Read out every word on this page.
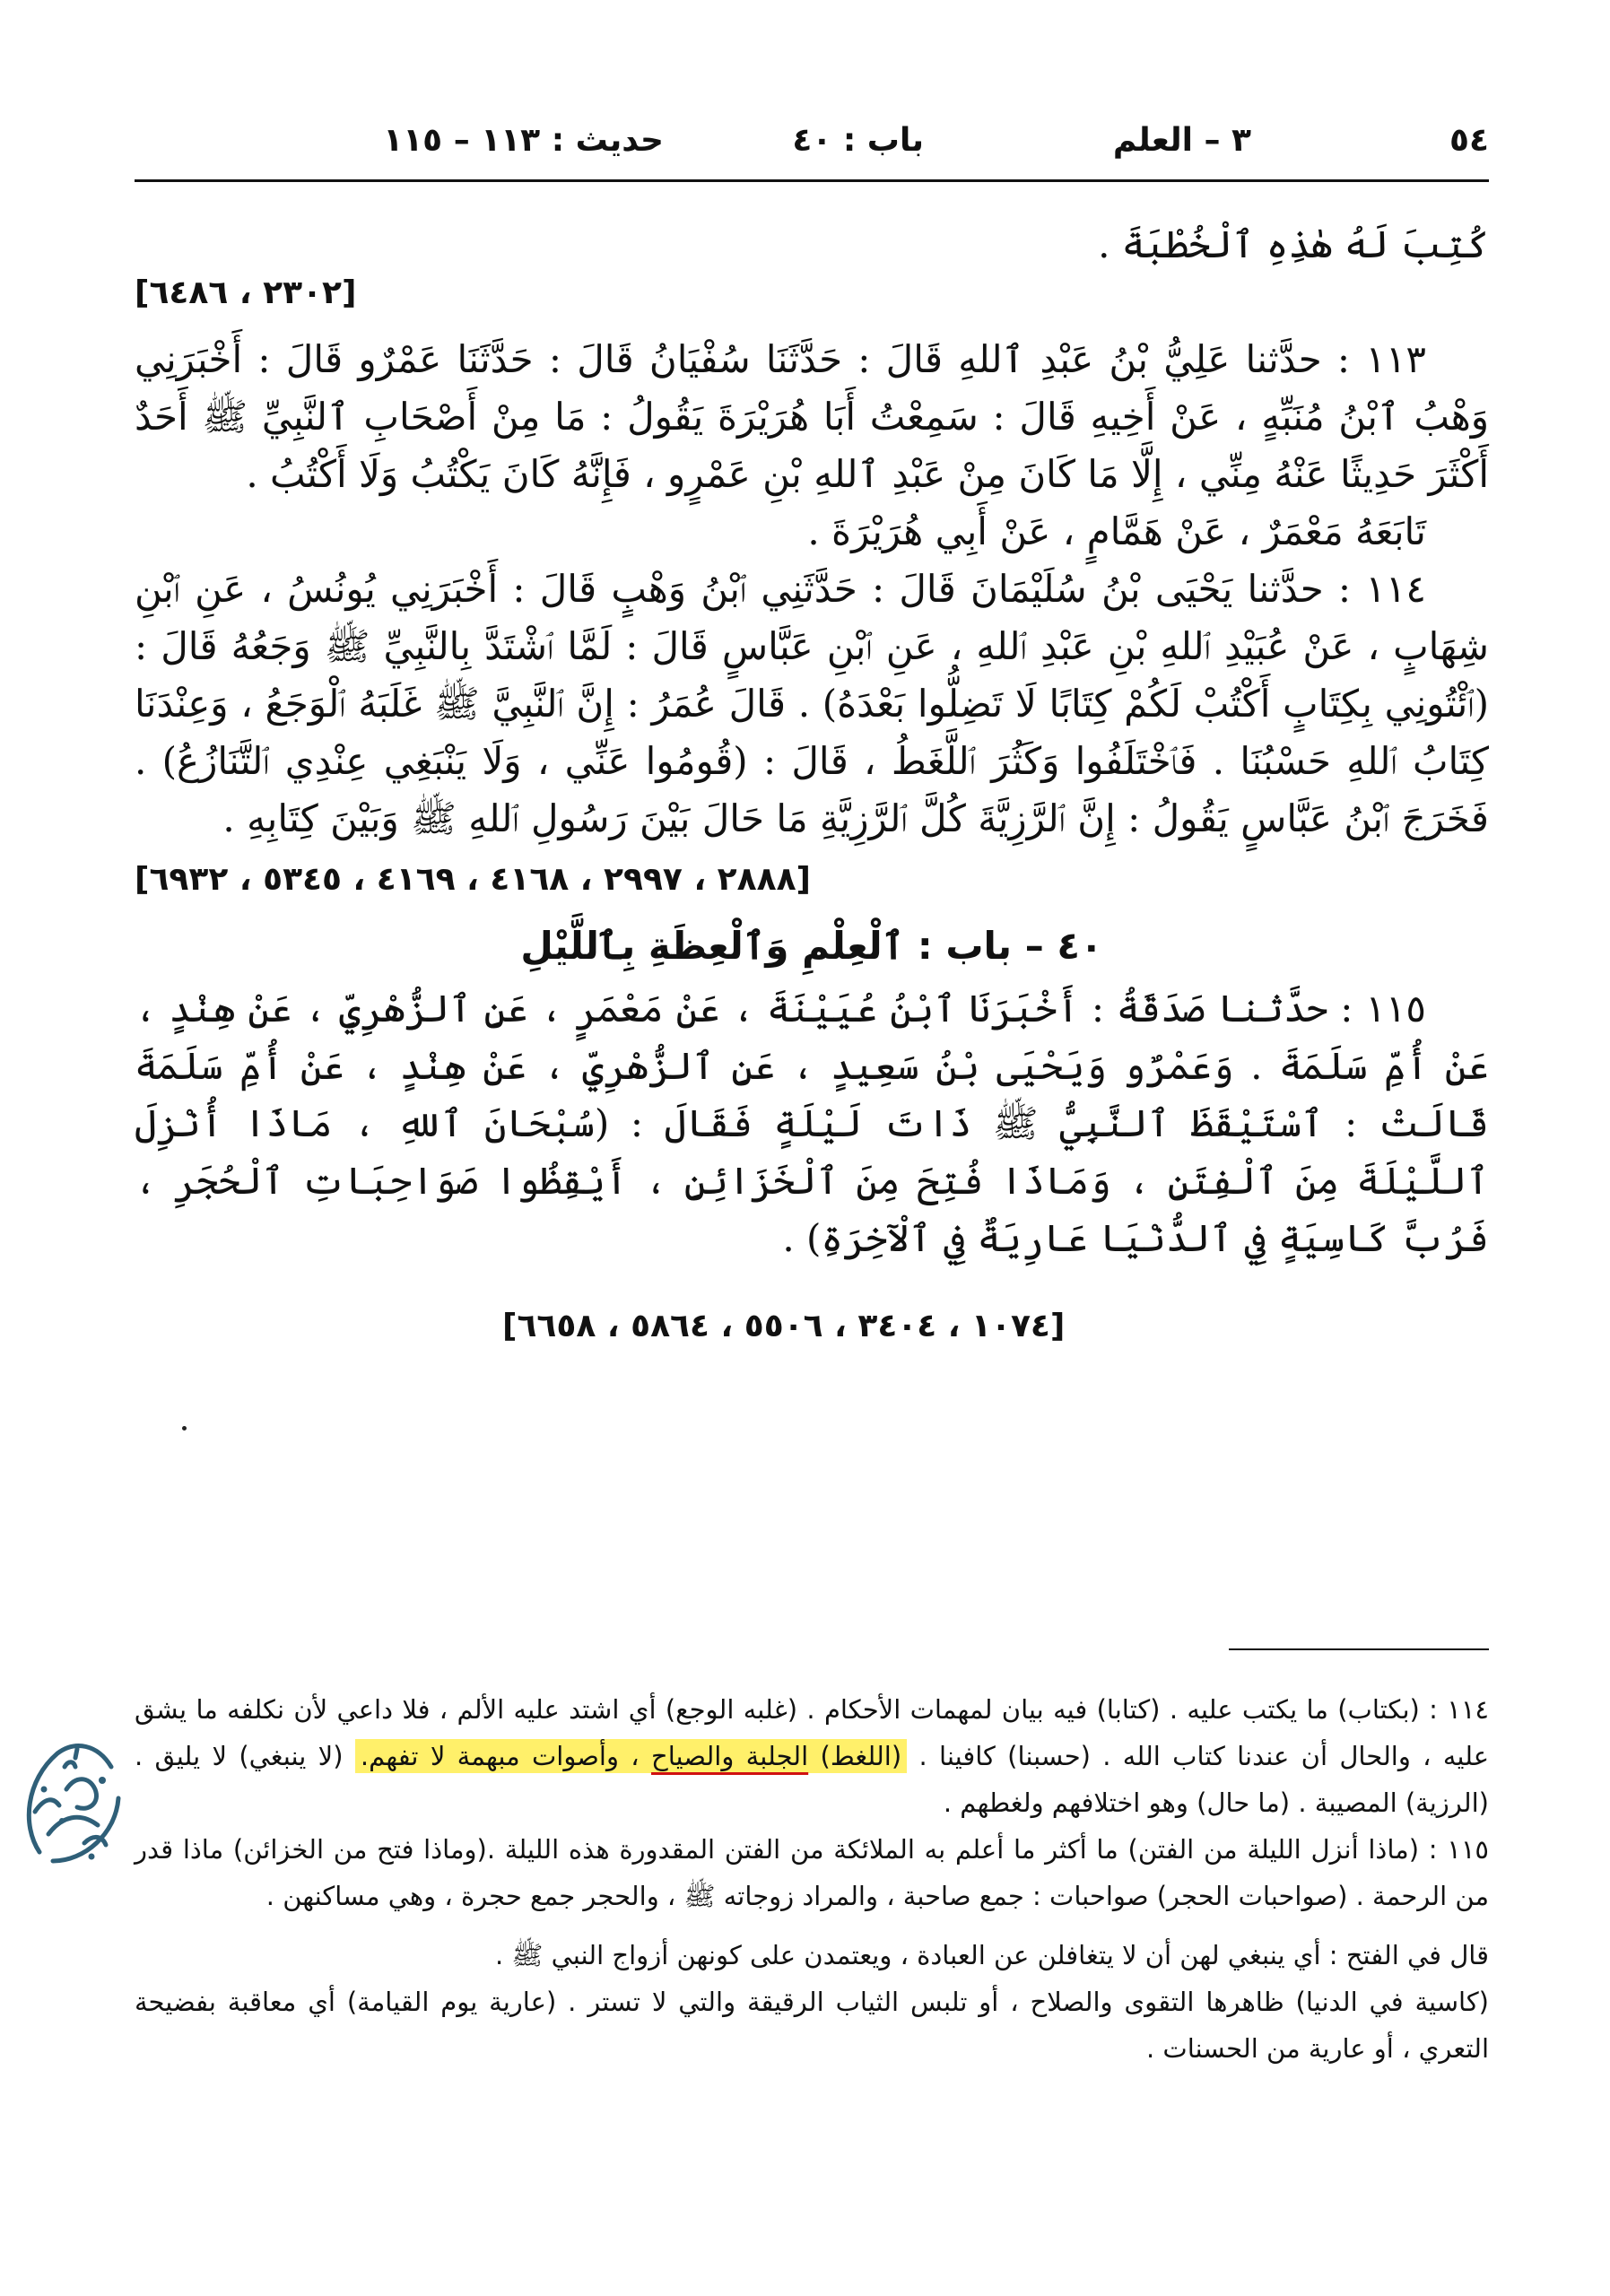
٥٤
٣ – العلم
باب : ٤٠
حديث : ١١٣ – ١١٥

كُتِبَ لَهُ هٰذِهِ ٱلْخُطْبَةَ .

[٢٣٠٢ ، ٦٤٨٦]

١١٣ : حدَّثنا عَلِيُّ بْنُ عَبْدِ ٱللهِ قَالَ : حَدَّثَنَا سُفْيَانُ قَالَ : حَدَّثَنَا عَمْرٌو قَالَ : أَخْبَرَنِي وَهْبُ ٱبْنُ مُنَبِّهٍ ، عَنْ أَخِيهِ قَالَ : سَمِعْتُ أَبَا هُرَيْرَةَ يَقُولُ : مَا مِنْ أَصْحَابِ ٱلنَّبِيِّ ﷺ أَحَدٌ أَكْثَرَ حَدِيثًا عَنْهُ مِنِّي ، إِلَّا مَا كَانَ مِنْ عَبْدِ ٱللهِ بْنِ عَمْرٍو ، فَإِنَّهُ كَانَ يَكْتُبُ وَلَا أَكْتُبُ .

تَابَعَهُ مَعْمَرٌ ، عَنْ هَمَّامٍ ، عَنْ أَبِي هُرَيْرَةَ .

١١٤ : حدَّثنا يَحْيَى بْنُ سُلَيْمَانَ قَالَ : حَدَّثَنِي ٱبْنُ وَهْبٍ قَالَ : أَخْبَرَنِي يُونُسُ ، عَنِ ٱبْنِ شِهَابٍ ، عَنْ عُبَيْدِ ٱللهِ بْنِ عَبْدِ ٱللهِ ، عَنِ ٱبْنِ عَبَّاسٍ قَالَ : لَمَّا ٱشْتَدَّ بِالنَّبِيِّ ﷺ وَجَعُهُ قَالَ : (ٱئْتُونِي بِكِتَابٍ أَكْتُبْ لَكُمْ كِتَابًا لَا تَضِلُّوا بَعْدَهُ) . قَالَ عُمَرُ : إِنَّ ٱلنَّبِيَّ ﷺ غَلَبَهُ ٱلْوَجَعُ ، وَعِنْدَنَا كِتَابُ ٱللهِ حَسْبُنَا . فَٱخْتَلَفُوا وَكَثُرَ ٱللَّغَطُ ، قَالَ : (قُومُوا عَنِّي ، وَلَا يَنْبَغِي عِنْدِي ٱلتَّنَازُعُ) . فَخَرَجَ ٱبْنُ عَبَّاسٍ يَقُولُ : إِنَّ ٱلرَّزِيَّةَ كُلَّ ٱلرَّزِيَّةِ مَا حَالَ بَيْنَ رَسُولِ ٱللهِ ﷺ وَبَيْنَ كِتَابِهِ .

[٢٨٨٨ ، ٢٩٩٧ ، ٤١٦٨ ، ٤١٦٩ ، ٥٣٤٥ ، ٦٩٣٢]
٤٠ – باب : ٱلْعِلْمِ وَٱلْعِظَةِ بِٱللَّيْلِ

١١٥ : حدَّثنا صَدَقَةُ : أَخْبَرَنَا ٱبْنُ عُيَيْنَةَ ، عَنْ مَعْمَرٍ ، عَنِ ٱلزُّهْرِيِّ ، عَنْ هِنْدٍ ، عَنْ أُمِّ سَلَمَةَ . وَعَمْرٌو وَيَحْيَى بْنُ سَعِيدٍ ، عَنِ ٱلزُّهْرِيِّ ، عَنْ هِنْدٍ ، عَنْ أُمِّ سَلَمَةَ قَالَتْ : ٱسْتَيْقَظَ ٱلنَّبِيُّ ﷺ ذَاتَ لَيْلَةٍ فَقَالَ : (سُبْحَانَ ٱللهِ ، مَاذَا أُنْزِلَ ٱللَّيْلَةَ مِنَ ٱلْفِتَنِ ، وَمَاذَا فُتِحَ مِنَ ٱلْخَزَائِنِ ، أَيْقِظُوا صَوَاحِبَاتِ ٱلْحُجَرِ ، فَرُبَّ كَاسِيَةٍ فِي ٱلدُّنْيَا عَارِيَةٌ فِي ٱلْآخِرَةِ) .

[١٠٧٤ ، ٣٤٠٤ ، ٥٥٠٦ ، ٥٨٦٤ ، ٦٦٥٨]

١١٤ : (بكتاب) ما يكتب عليه . (كتابا) فيه بيان لمهمات الأحكام . (غلبه الوجع) أي اشتد عليه الألم ، فلا داعي لأن نكلفه ما يشق عليه ، والحال أن عندنا كتاب الله . (حسبنا) كافينا . (اللغط) الجلبة والصياح ، وأصوات مبهمة لا تفهم. (لا ينبغي) لا يليق . (الرزية) المصيبة . (ما حال) وهو اختلافهم ولغطهم .

١١٥ : (ماذا أنزل الليلة من الفتن) ما أكثر ما أعلم به الملائكة من الفتن المقدورة هذه الليلة .(وماذا فتح من الخزائن) ماذا قدر من الرحمة . (صواحبات الحجر) صواحبات : جمع صاحبة ، والمراد زوجاته ﷺ ، والحجر جمع حجرة ، وهي مساكنهن .

قال في الفتح : أي ينبغي لهن أن لا يتغافلن عن العبادة ، ويعتمدن على كونهن أزواج النبي ﷺ .

(كاسية في الدنيا) ظاهرها التقوى والصلاح ، أو تلبس الثياب الرقيقة والتي لا تستر . (عارية يوم القيامة) أي معاقبة بفضيحة التعري ، أو عارية من الحسنات .
